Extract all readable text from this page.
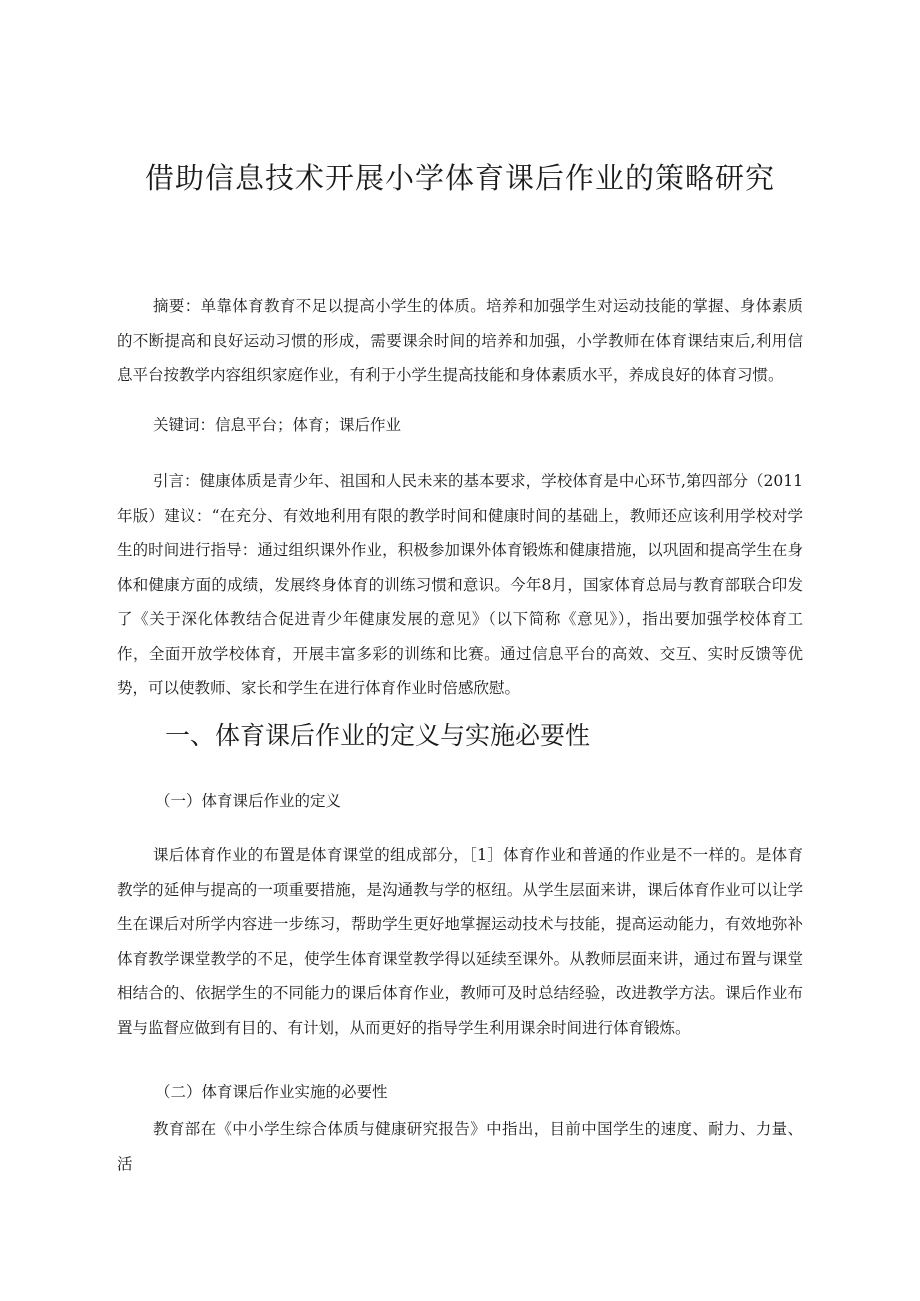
借助信息技术开展小学体育课后作业的策略研究

摘要：单靠体育教育不足以提高小学生的体质。培养和加强学生对运动技能的掌握、身体素质的不断提高和良好运动习惯的形成，需要课余时间的培养和加强，小学教师在体育课结束后,利用信息平台按教学内容组织家庭作业，有利于小学生提高技能和身体素质水平，养成良好的体育习惯。

关键词：信息平台；体育；课后作业

引言：健康体质是青少年、祖国和人民未来的基本要求，学校体育是中心环节,第四部分（2011年版）建议：“在充分、有效地利用有限的教学时间和健康时间的基础上，教师还应该利用学校对学生的时间进行指导：通过组织课外作业，积极参加课外体育锻炼和健康措施，以巩固和提高学生在身体和健康方面的成绩，发展终身体育的训练习惯和意识。今年8月，国家体育总局与教育部联合印发了《关于深化体教结合促进青少年健康发展的意见》（以下简称《意见》），指出要加强学校体育工作，全面开放学校体育，开展丰富多彩的训练和比赛。通过信息平台的高效、交互、实时反馈等优势，可以使教师、家长和学生在进行体育作业时倍感欣慰。

一、体育课后作业的定义与实施必要性
（一）体育课后作业的定义

课后体育作业的布置是体育课堂的组成部分，［1］体育作业和普通的作业是不一样的。是体育教学的延伸与提高的一项重要措施，是沟通教与学的枢纽。从学生层面来讲，课后体育作业可以让学生在课后对所学内容进一步练习，帮助学生更好地掌握运动技术与技能，提高运动能力，有效地弥补体育教学课堂教学的不足，使学生体育课堂教学得以延续至课外。从教师层面来讲，通过布置与课堂相结合的、依据学生的不同能力的课后体育作业，教师可及时总结经验，改进教学方法。课后作业布置与监督应做到有目的、有计划，从而更好的指导学生利用课余时间进行体育锻炼。

（二）体育课后作业实施的必要性

教育部在《中小学生综合体质与健康研究报告》中指出，目前中国学生的速度、耐力、力量、活
